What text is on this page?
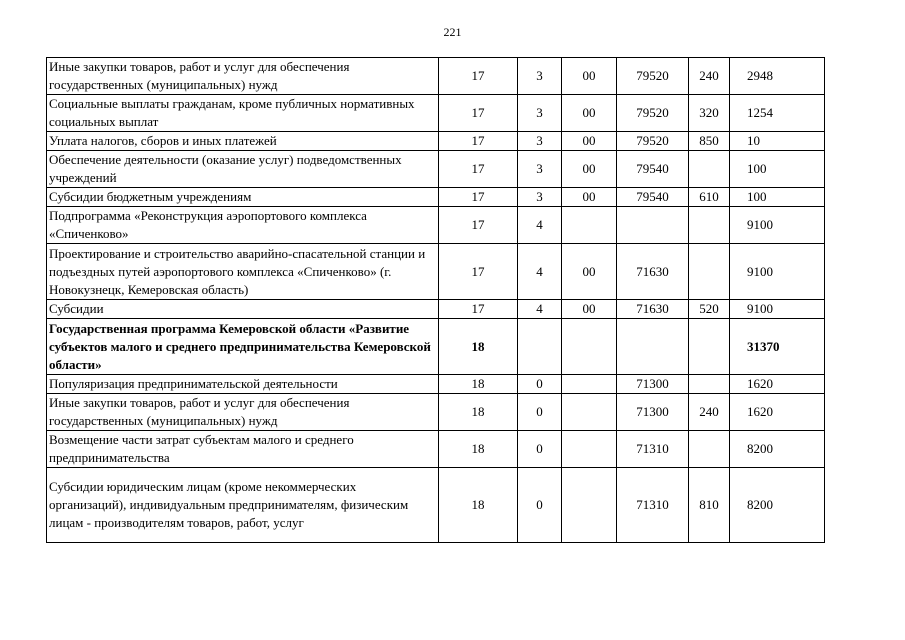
221
Иные закупки товаров, работ и услуг для обеспечения государственных (муниципальных) нужд	17	3	00	79520	240	2948
Социальные выплаты гражданам, кроме публичных нормативных социальных выплат	17	3	00	79520	320	1254
Уплата налогов, сборов и иных платежей	17	3	00	79520	850	10
Обеспечение деятельности (оказание услуг) подведомственных учреждений	17	3	00	79540		100
Субсидии бюджетным учреждениям	17	3	00	79540	610	100
Подпрограмма «Реконструкция аэропортового комплекса «Спиченково»	17	4				9100
Проектирование и строительство аварийно-спасательной станции и подъездных путей аэропортового комплекса «Спиченково» (г. Новокузнецк, Кемеровская область)	17	4	00	71630		9100
Субсидии	17	4	00	71630	520	9100
Государственная программа Кемеровской области «Развитие субъектов малого и среднего предпринимательства Кемеровской области»	18					31370
Популяризация предпринимательской деятельности	18	0		71300		1620
Иные закупки товаров, работ и услуг для обеспечения государственных (муниципальных) нужд	18	0		71300	240	1620
Возмещение части затрат субъектам малого и среднего предпринимательства	18	0		71310		8200
Субсидии юридическим лицам (кроме некоммерческих организаций), индивидуальным предпринимателям, физическим лицам - производителям товаров, работ, услуг	18	0		71310	810	8200
